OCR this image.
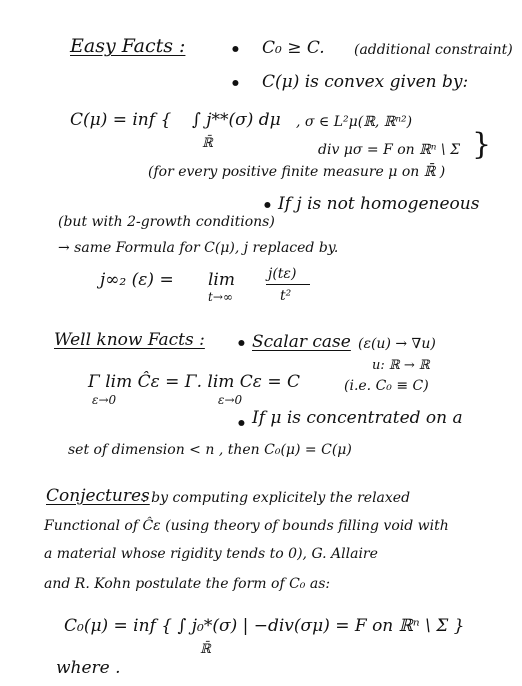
Easy Facts :	• C₀ ≥ C. (additional constraint)
• C(μ) is convex given by:
C(μ) = inf { ∫ j**(σ) dμ
ℝ̄
, σ ∈ L²μ(ℝ, ℝⁿ²)
div μσ = F on ℝⁿ \ Σ }
(for every positive finite measure μ on ℝ̄ )
• If j is not homogeneous
(but with 2-growth conditions)
→ same Formula for C(μ), j replaced by.
j∞₂ (ε) = lim
t→∞
j(tε)
t²
Well know Facts : • Scalar case (ε(u) → ∇u)
u: ℝ → ℝ
Γ lim Ĉε = Γ. lim Cε = C
ε→0	ε→0
(i.e. C₀ ≡ C)
• If μ is concentrated on a
set of dimension < n , then C₀(μ) = C(μ)
Conjectures
: by computing explicitely the relaxed
Functional of Ĉε (using theory of bounds filling void with
a material whose rigidity tends to 0), G. Allaire
and R. Kohn postulate the form of C₀ as:
C₀(μ) = inf { ∫ j₀*(σ) | −div(σμ) = F on ℝⁿ \ Σ }
ℝ̄
where .
